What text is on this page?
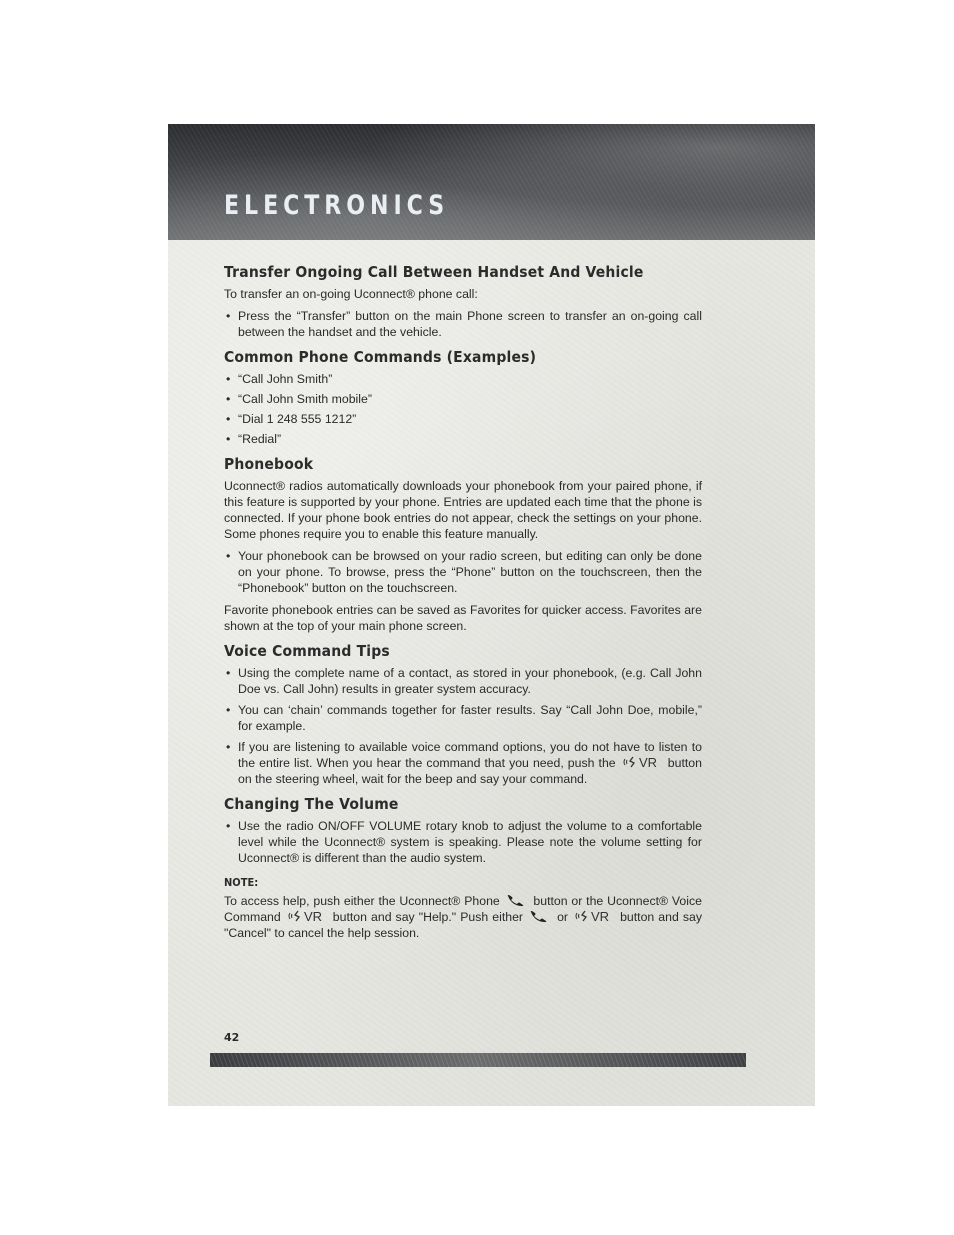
ELECTRONICS
Transfer Ongoing Call Between Handset And Vehicle

To transfer an on-going Uconnect® phone call:

• Press the “Transfer” button on the main Phone screen to transfer an on-going call between the handset and the vehicle.
Common Phone Commands (Examples)
• “Call John Smith”
• “Call John Smith mobile”
• “Dial 1 248 555 1212”
• “Redial”
Phonebook

Uconnect® radios automatically downloads your phonebook from your paired phone, if this feature is supported by your phone. Entries are updated each time that the phone is connected. If your phone book entries do not appear, check the settings on your phone. Some phones require you to enable this feature manually.

• Your phonebook can be browsed on your radio screen, but editing can only be done on your phone. To browse, press the “Phone” button on the touchscreen, then the “Phonebook” button on the touchscreen.

Favorite phonebook entries can be saved as Favorites for quicker access. Favorites are shown at the top of your main phone screen.

Voice Command Tips
• Using the complete name of a contact, as stored in your phonebook, (e.g. Call John Doe vs. Call John) results in greater system accuracy.
• You can ‘chain’ commands together for faster results. Say “Call John Doe, mobile,” for example.
• If you are listening to available voice command options, you do not have to listen to the entire list. When you hear the command that you need, push the VR button on the steering wheel, wait for the beep and say your command.
Changing The Volume
• Use the radio ON/OFF VOLUME rotary knob to adjust the volume to a comfortable level while the Uconnect® system is speaking. Please note the volume setting for Uconnect® is different than the audio system.
NOTE:

To access help, push either the Uconnect® Phone	button or the Uconnect® Voice Command VR button and say "Help." Push either	or VR button and say "Cancel" to cancel the help session.

42
